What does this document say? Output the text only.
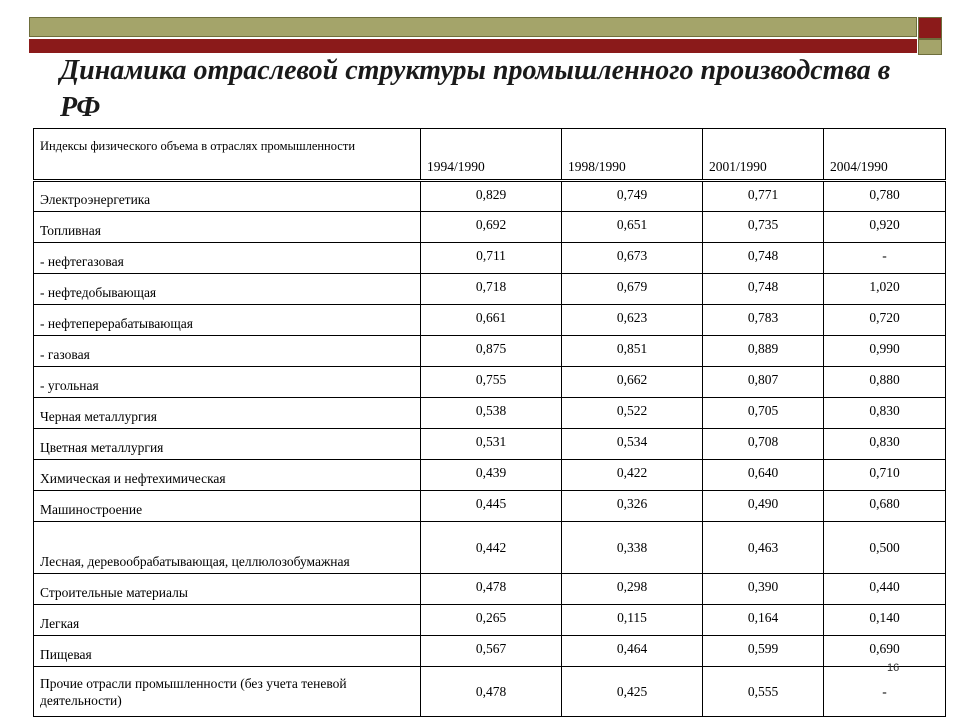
Динамика отраслевой структуры промышленного производства в РФ
Индексы физического объема в отраслях промышленности	1994/1990	1998/1990	2001/1990	2004/1990
Электроэнергетика	0,829	0,749	0,771	0,780
Топливная	0,692	0,651	0,735	0,920
- нефтегазовая	0,711	0,673	0,748	-
- нефтедобывающая	0,718	0,679	0,748	1,020
- нефтеперерабатывающая	0,661	0,623	0,783	0,720
- газовая	0,875	0,851	0,889	0,990
- угольная	0,755	0,662	0,807	0,880
Черная металлургия	0,538	0,522	0,705	0,830
Цветная металлургия	0,531	0,534	0,708	0,830
Химическая и нефтехимическая	0,439	0,422	0,640	0,710
Машиностроение	0,445	0,326	0,490	0,680
Лесная, деревообрабатывающая, целлюлозобумажная	0,442	0,338	0,463	0,500
Строительные материалы	0,478	0,298	0,390	0,440
Легкая	0,265	0,115	0,164	0,140
Пищевая	0,567	0,464	0,599	0,690
Прочие отрасли промышленности (без учета теневой деятельности)	0,478	0,425	0,555	-
16
